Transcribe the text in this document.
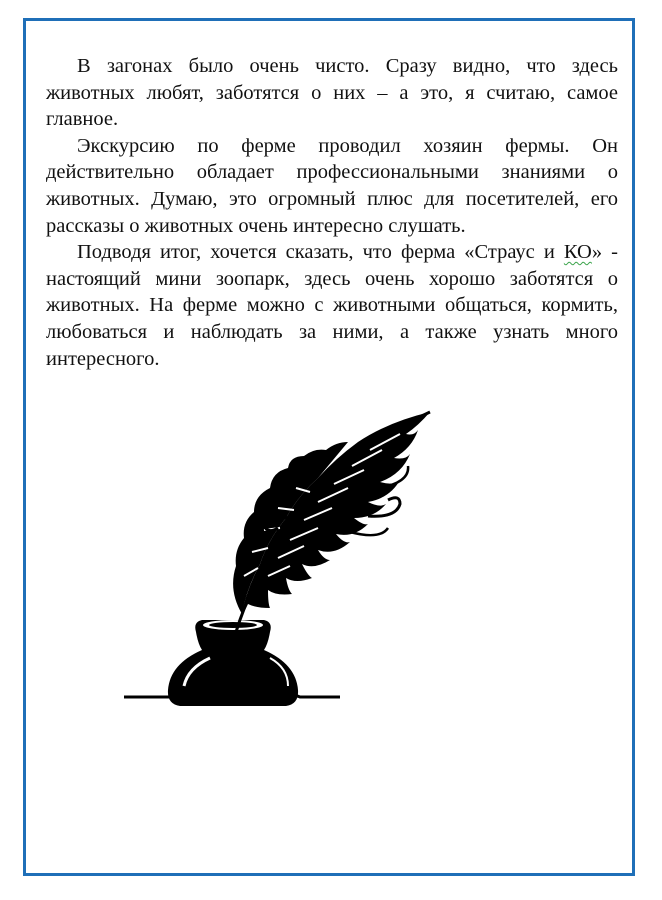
В загонах было очень чисто. Сразу видно, что здесь животных любят, заботятся о них – а это, я считаю, самое главное.

Экскурсию по ферме проводил хозяин фермы. Он действительно обладает профессиональными знаниями о животных. Думаю, это огромный плюс для посетителей, его рассказы о животных очень интересно слушать.

Подводя итог, хочется сказать, что ферма «Страус и КО» - настоящий мини зоопарк, здесь очень хорошо заботятся о животных. На ферме можно с животными общаться, кормить, любоваться и наблюдать за ними, а также узнать много интересного.
